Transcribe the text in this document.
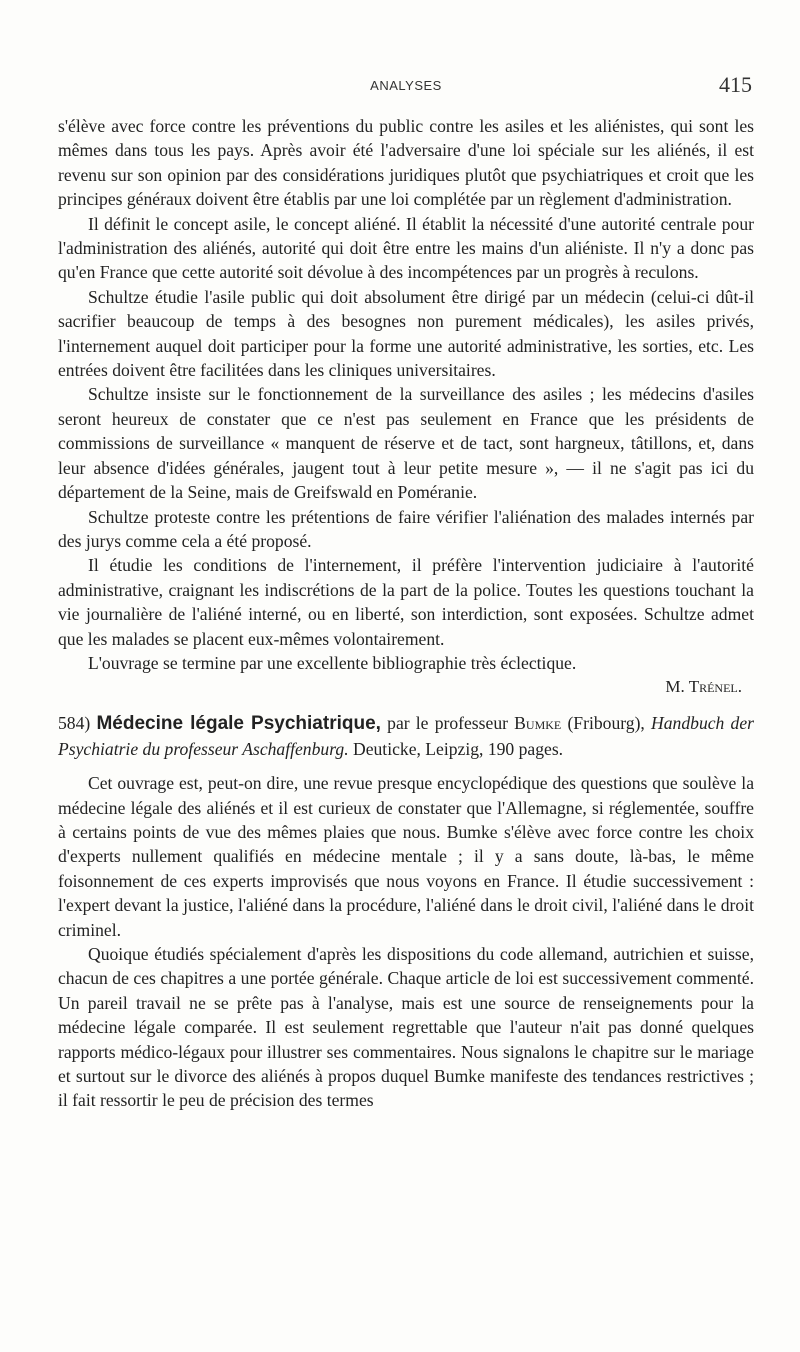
ANALYSES	415

s'élève avec force contre les préventions du public contre les asiles et les aliénistes, qui sont les mêmes dans tous les pays. Après avoir été l'adversaire d'une loi spéciale sur les aliénés, il est revenu sur son opinion par des considérations juridiques plutôt que psychiatriques et croit que les principes généraux doivent être établis par une loi complétée par un règlement d'administration.

Il définit le concept asile, le concept aliéné. Il établit la nécessité d'une autorité centrale pour l'administration des aliénés, autorité qui doit être entre les mains d'un aliéniste. Il n'y a donc pas qu'en France que cette autorité soit dévolue à des incompétences par un progrès à reculons.

Schultze étudie l'asile public qui doit absolument être dirigé par un médecin (celui-ci dût-il sacrifier beaucoup de temps à des besognes non purement médicales), les asiles privés, l'internement auquel doit participer pour la forme une autorité administrative, les sorties, etc. Les entrées doivent être facilitées dans les cliniques universitaires.

Schultze insiste sur le fonctionnement de la surveillance des asiles ; les médecins d'asiles seront heureux de constater que ce n'est pas seulement en France que les présidents de commissions de surveillance « manquent de réserve et de tact, sont hargneux, tâtillons, et, dans leur absence d'idées générales, jaugent tout à leur petite mesure », — il ne s'agit pas ici du département de la Seine, mais de Greifswald en Poméranie.

Schultze proteste contre les prétentions de faire vérifier l'aliénation des malades internés par des jurys comme cela a été proposé.

Il étudie les conditions de l'internement, il préfère l'intervention judiciaire à l'autorité administrative, craignant les indiscrétions de la part de la police. Toutes les questions touchant la vie journalière de l'aliéné interné, ou en liberté, son interdiction, sont exposées. Schultze admet que les malades se placent eux-mêmes volontairement.

L'ouvrage se termine par une excellente bibliographie très éclectique.

M. Trénel.
584) Médecine légale Psychiatrique, par le professeur Bumke (Fribourg), Handbuch der Psychiatrie du professeur Aschaffenburg. Deuticke, Leipzig, 190 pages.

Cet ouvrage est, peut-on dire, une revue presque encyclopédique des questions que soulève la médecine légale des aliénés et il est curieux de constater que l'Allemagne, si réglementée, souffre à certains points de vue des mêmes plaies que nous. Bumke s'élève avec force contre les choix d'experts nullement qualifiés en médecine mentale ; il y a sans doute, là-bas, le même foisonnement de ces experts improvisés que nous voyons en France. Il étudie successivement : l'expert devant la justice, l'aliéné dans la procédure, l'aliéné dans le droit civil, l'aliéné dans le droit criminel.

Quoique étudiés spécialement d'après les dispositions du code allemand, autrichien et suisse, chacun de ces chapitres a une portée générale. Chaque article de loi est successivement commenté. Un pareil travail ne se prête pas à l'analyse, mais est une source de renseignements pour la médecine légale comparée. Il est seulement regrettable que l'auteur n'ait pas donné quelques rapports médico-légaux pour illustrer ses commentaires. Nous signalons le chapitre sur le mariage et surtout sur le divorce des aliénés à propos duquel Bumke manifeste des tendances restrictives ; il fait ressortir le peu de précision des termes
